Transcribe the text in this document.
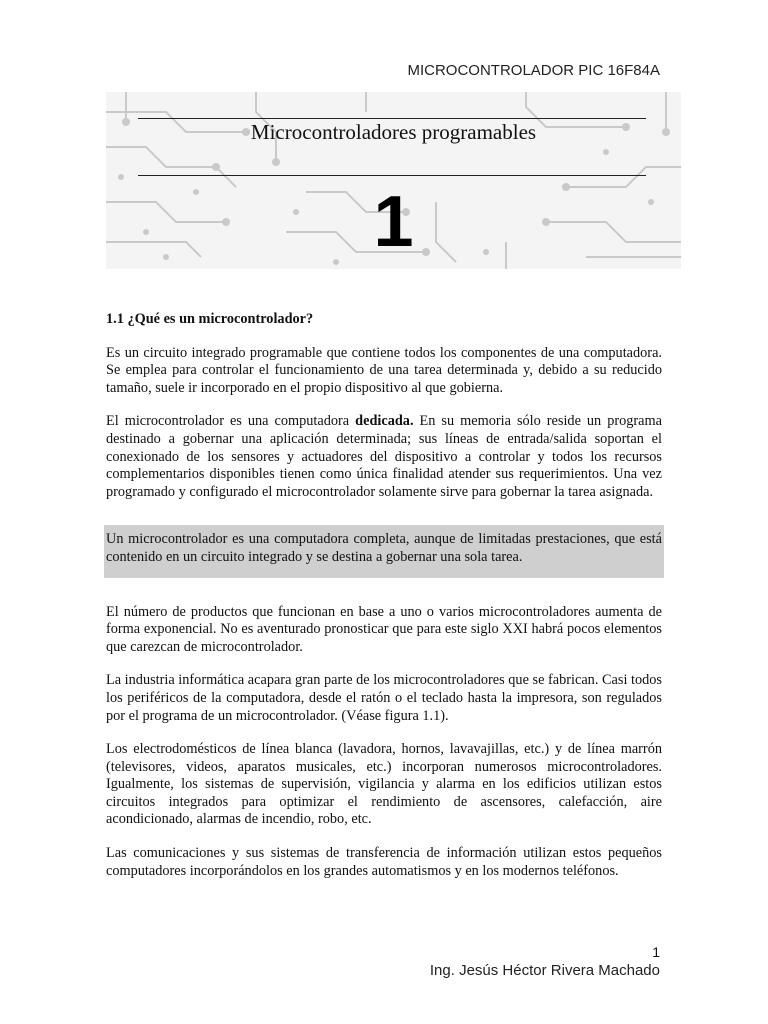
MICROCONTROLADOR PIC 16F84A
Microcontroladores programables
1
1.1 ¿Qué es un microcontrolador?

Es un circuito integrado programable que contiene todos los componentes de una computadora. Se emplea para controlar el funcionamiento de una tarea determinada y, debido a su reducido tamaño, suele ir incorporado en el propio dispositivo al que gobierna.

El microcontrolador es una computadora dedicada. En su memoria sólo reside un programa destinado a gobernar una aplicación determinada; sus líneas de entrada/salida soportan el conexionado de los sensores y actuadores del dispositivo a controlar y todos los recursos complementarios disponibles tienen como única finalidad atender sus requerimientos. Una vez programado y configurado el microcontrolador solamente sirve para gobernar la tarea asignada.

Un microcontrolador es una computadora completa, aunque de limitadas prestaciones, que está contenido en un circuito integrado y se destina a gobernar una sola tarea.

El número de productos que funcionan en base a uno o varios microcontroladores aumenta de forma exponencial. No es aventurado pronosticar que para este siglo XXI habrá pocos elementos que carezcan de microcontrolador.

La industria informática acapara gran parte de los microcontroladores que se fabrican. Casi todos los periféricos de la computadora, desde el ratón o el teclado hasta la impresora, son regulados por el programa de un microcontrolador. (Véase figura 1.1).

Los electrodomésticos de línea blanca (lavadora, hornos, lavavajillas, etc.) y de línea marrón (televisores, videos, aparatos musicales, etc.) incorporan numerosos microcontroladores. Igualmente, los sistemas de supervisión, vigilancia y alarma en los edificios utilizan estos circuitos integrados para optimizar el rendimiento de ascensores, calefacción, aire acondicionado, alarmas de incendio, robo, etc.

Las comunicaciones y sus sistemas de transferencia de información utilizan estos pequeños computadores incorporándolos en los grandes automatismos y en los modernos teléfonos.

1
Ing. Jesús Héctor Rivera Machado
